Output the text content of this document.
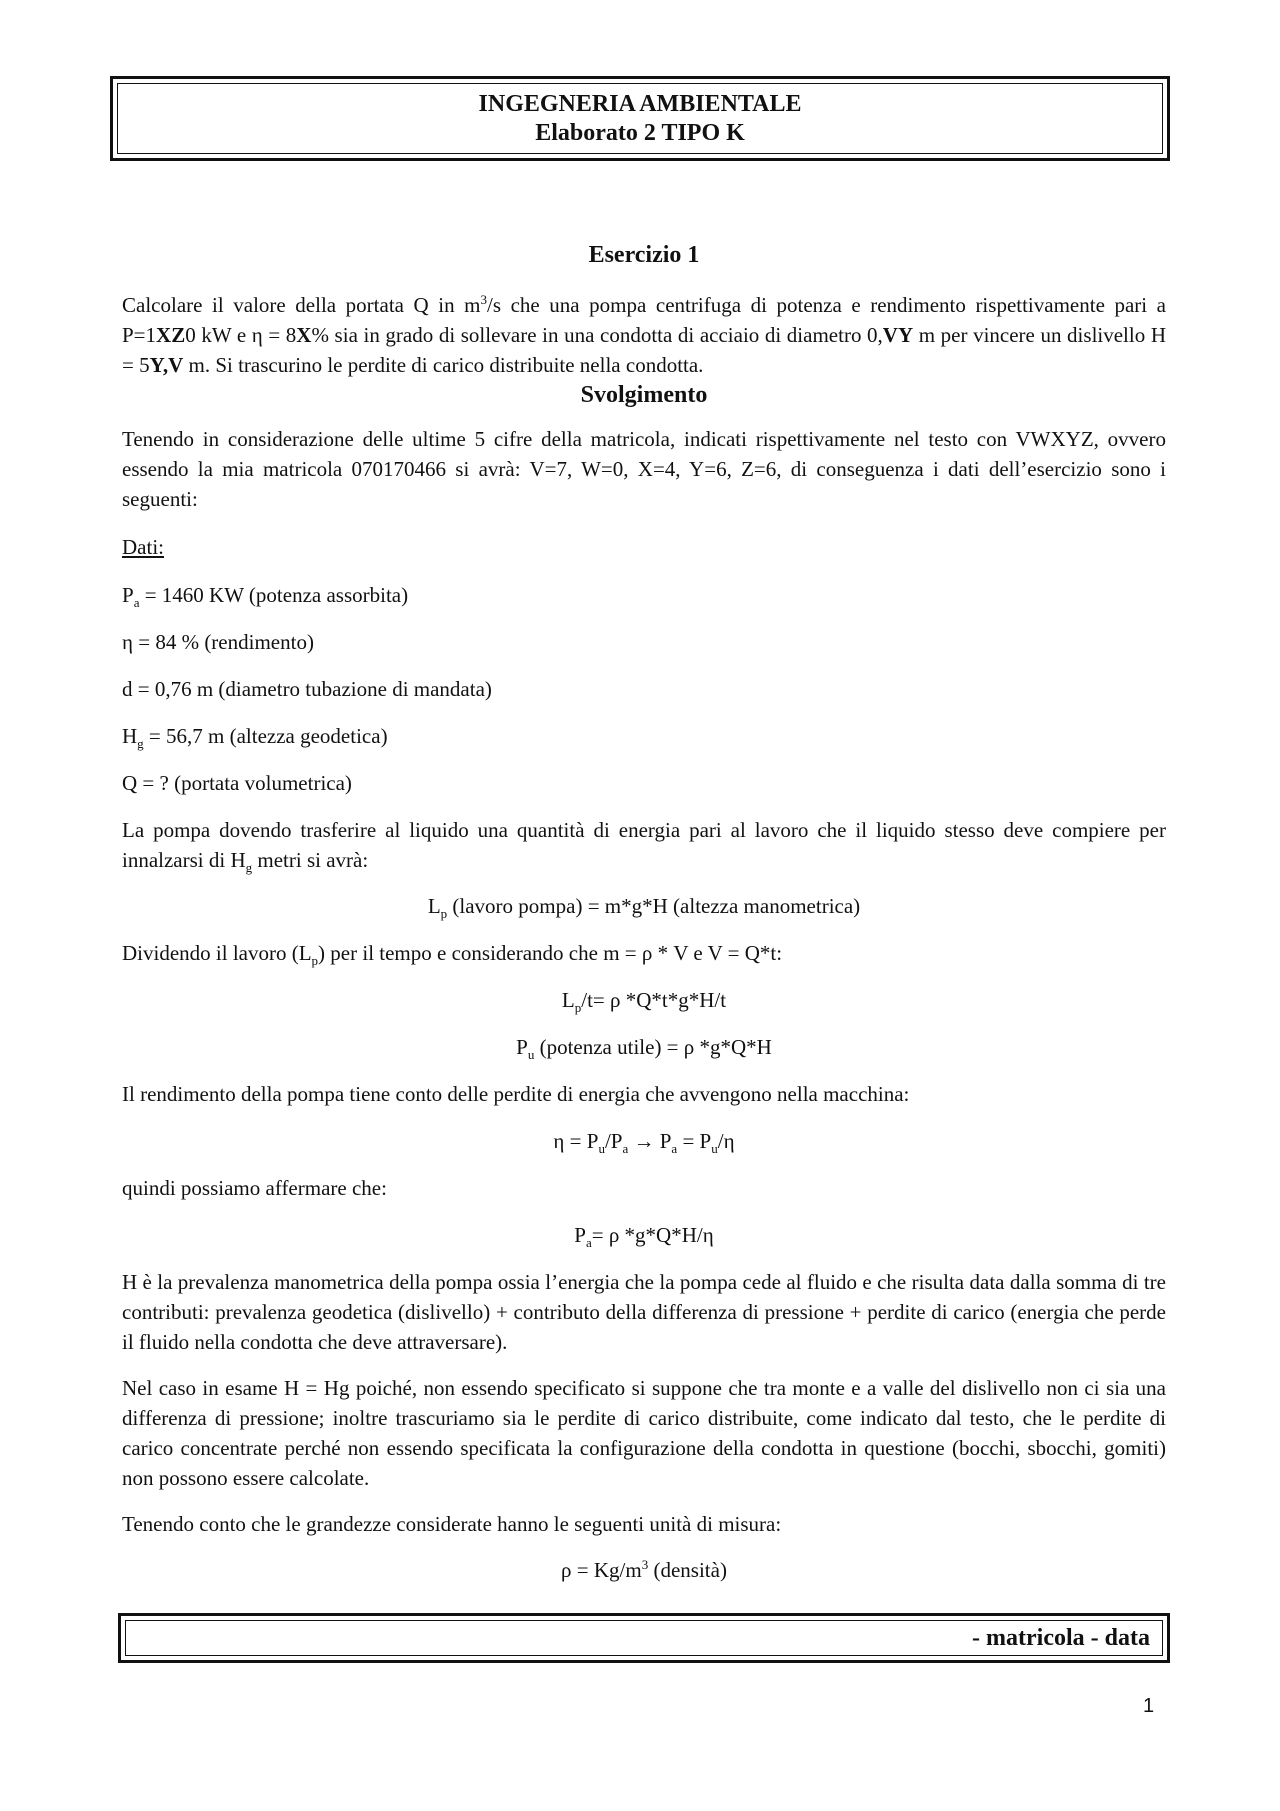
INGEGNERIA AMBIENTALE
Elaborato 2 TIPO K

Esercizio 1

Calcolare il valore della portata Q in $m^3/s$ che una pompa centrifuga di potenza e rendimento rispettivamente pari a P=1XZ0 kW e η = 8X% sia in grado di sollevare in una condotta di acciaio di diametro 0,VY m per vincere un dislivello H = 5Y,V m. Si trascurino le perdite di carico distribuite nella condotta.

Svolgimento

Tenendo in considerazione delle ultime 5 cifre della matricola, indicati rispettivamente nel testo con VWXYZ, ovvero essendo la mia matricola 070170466 si avrà: V=7, W=0, X=4, Y=6, Z=6, di conseguenza i dati dell’esercizio sono i seguenti:

Dati:

$P_a = 1460$ KW (potenza assorbita)

η = 84 % (rendimento)

d = 0,76 m (diametro tubazione di mandata)

$H_g = 56,7$ m (altezza geodetica)

Q = ? (portata volumetrica)

La pompa dovendo trasferire al liquido una quantità di energia pari al lavoro che il liquido stesso deve compiere per innalzarsi di $H_g$ metri si avrà:

$L_p$ (lavoro pompa) = m*g*H (altezza manometrica)

Dividendo il lavoro $(L_p)$ per il tempo e considerando che m = ρ * V e V = Q*t:

$L_p/t= \rho$ *Q*t*g*H/t

$P_u$ (potenza utile) = ρ *g*Q*H

Il rendimento della pompa tiene conto delle perdite di energia che avvengono nella macchina:

$\eta = P_u/P_a \to P_a = P_u/\eta$

quindi possiamo affermare che:

$P_a= \rho$ *g*Q*H/η

H è la prevalenza manometrica della pompa ossia l’energia che la pompa cede al fluido e che risulta data dalla somma di tre contributi: prevalenza geodetica (dislivello) + contributo della differenza di pressione + perdite di carico (energia che perde il fluido nella condotta che deve attraversare).

Nel caso in esame H = Hg poiché, non essendo specificato si suppone che tra monte e a valle del dislivello non ci sia una differenza di pressione; inoltre trascuriamo sia le perdite di carico distribuite, come indicato dal testo, che le perdite di carico concentrate perché non essendo specificata la configurazione della condotta in questione (bocchi, sbocchi, gomiti) non possono essere calcolate.

Tenendo conto che le grandezze considerate hanno le seguenti unità di misura:

$\rho = Kg/m^3$ (densità)

- matricola - data
1
